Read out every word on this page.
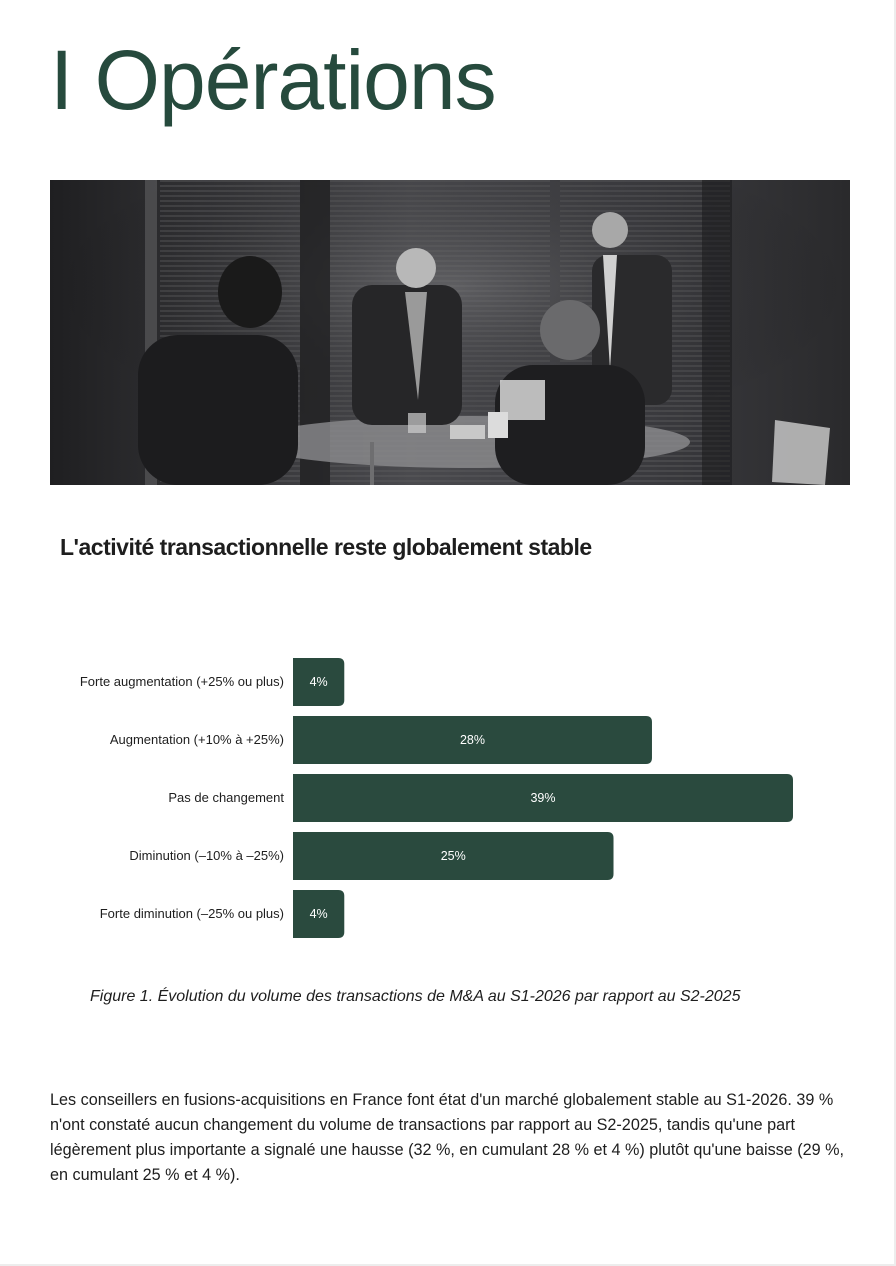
I Opérations
L'activité transactionnelle reste globalement stable
Forte augmentation (+25% ou plus) 4%
Augmentation (+10% à +25%)	28%
Pas de changement	39%
Diminution (–10% à –25%)	25%
Forte diminution (–25% ou plus) 4%

Figure 1. Évolution du volume des transactions de M&A au S1-2026 par rapport au S2-2025

Les conseillers en fusions-acquisitions en France font état d'un marché globalement stable au S1-2026. 39 % n'ont constaté aucun changement du volume de transactions par rapport au S2-2025, tandis qu'une part légèrement plus importante a signalé une hausse (32 %, en cumulant 28 % et 4 %) plutôt qu'une baisse (29 %, en cumulant 25 % et 4 %).
